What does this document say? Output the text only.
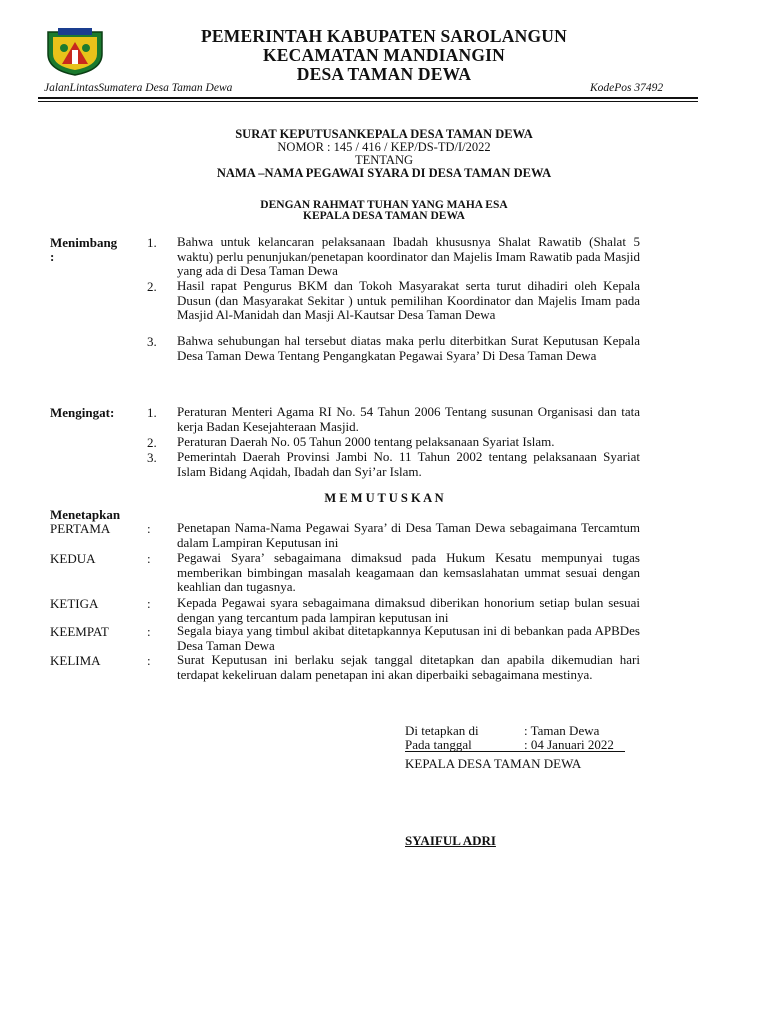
PEMERINTAH KABUPATEN SAROLANGUN
KECAMATAN MANDIANGIN
DESA TAMAN DEWA
JalanLintasSumatera Desa Taman Dewa	KodePos 37492
SURAT KEPUTUSANKEPALA DESA TAMAN DEWA
NOMOR : 145 / 416 / KEP/DS-TD/I/2022
TENTANG
NAMA –NAMA PEGAWAI SYARA DI DESA TAMAN DEWA
DENGAN RAHMAT TUHAN YANG MAHA ESA
KEPALA DESA TAMAN DEWA
Menimbang
:
1. Bahwa untuk kelancaran pelaksanaan Ibadah khususnya Shalat Rawatib (Shalat 5 waktu) perlu penunjukan/penetapan koordinator dan Majelis Imam Rawatib pada Masjid yang ada di Desa Taman Dewa
2. Hasil rapat Pengurus BKM dan Tokoh Masyarakat serta turut dihadiri oleh Kepala Dusun (dan Masyarakat Sekitar ) untuk pemilihan Koordinator dan Majelis Imam pada Masjid Al-Manidah dan Masji Al-Kautsar Desa Taman Dewa
3. Bahwa sehubungan hal tersebut diatas maka perlu diterbitkan Surat Keputusan Kepala Desa Taman Dewa Tentang Pengangkatan Pegawai Syara’ Di Desa Taman Dewa
Mengingat:	1. Peraturan Menteri Agama RI No. 54 Tahun 2006 Tentang susunan Organisasi dan tata kerja Badan Kesejahteraan Masjid.
2. Peraturan Daerah No. 05 Tahun 2000 tentang pelaksanaan Syariat Islam.
3. Pemerintah Daerah Provinsi Jambi No. 11 Tahun 2002 tentang pelaksanaan Syariat Islam Bidang Aqidah, Ibadah dan Syi’ar Islam.
M E M U T U S K A N
Menetapkan
PERTAMA	: Penetapan Nama-Nama Pegawai Syara’ di Desa Taman Dewa sebagaimana Tercamtum dalam Lampiran Keputusan ini
KEDUA	: Pegawai Syara’ sebagaimana dimaksud pada Hukum Kesatu mempunyai tugas memberikan bimbingan masalah keagamaan dan kemsaslahatan ummat sesuai dengan keahlian dan tugasnya.
KETIGA	: Kepada Pegawai syara sebagaimana dimaksud diberikan honorium setiap bulan sesuai dengan yang tercantum pada lampiran keputusan ini
KEEMPAT	: Segala biaya yang timbul akibat ditetapkannya Keputusan ini di bebankan pada APBDes Desa Taman Dewa
KELIMA	: Surat Keputusan ini berlaku sejak tanggal ditetapkan dan apabila dikemudian hari terdapat kekeliruan dalam penetapan ini akan diperbaiki sebagaimana mestinya.
Di tetapkan di	: Taman Dewa
Pada tanggal	: 04 Januari 2022
KEPALA DESA TAMAN DEWA
SYAIFUL ADRI
